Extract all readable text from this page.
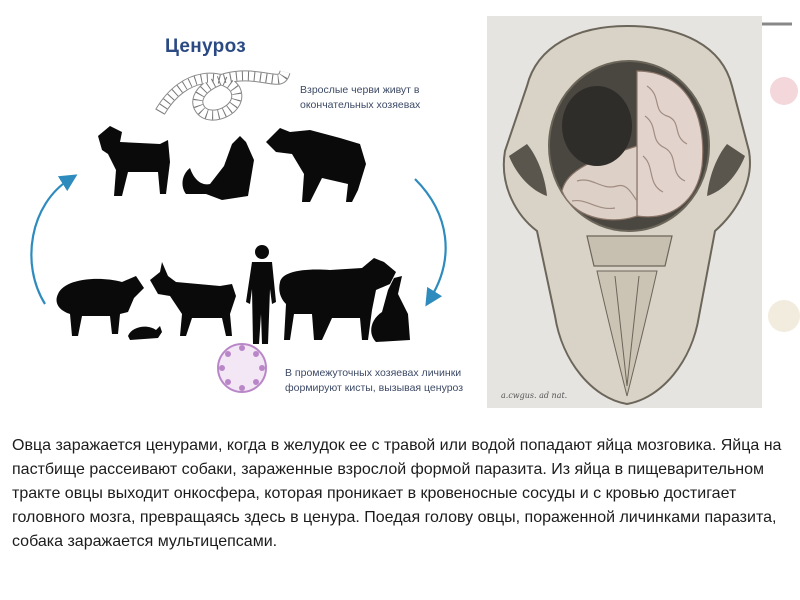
Ценуроз
Взрослые черви живут в окончательных хозяевах
В промежуточных хозяевах личинки формируют кисты, вызывая ценуроз
a.cwgus. ad nat.

Овца заражается ценурами, когда в желудок ее с травой или водой попадают яйца мозговика. Яйца на пастбище рассеивают собаки, зараженные взрослой формой паразита. Из яйца в пищеварительном тракте овцы выходит онкосфера, которая проникает в кровеносные сосуды и с кровью достигает головного мозга, превращаясь здесь в ценура. Поедая голову овцы, пораженной личинками паразита, собака заражается мультицепсами.
